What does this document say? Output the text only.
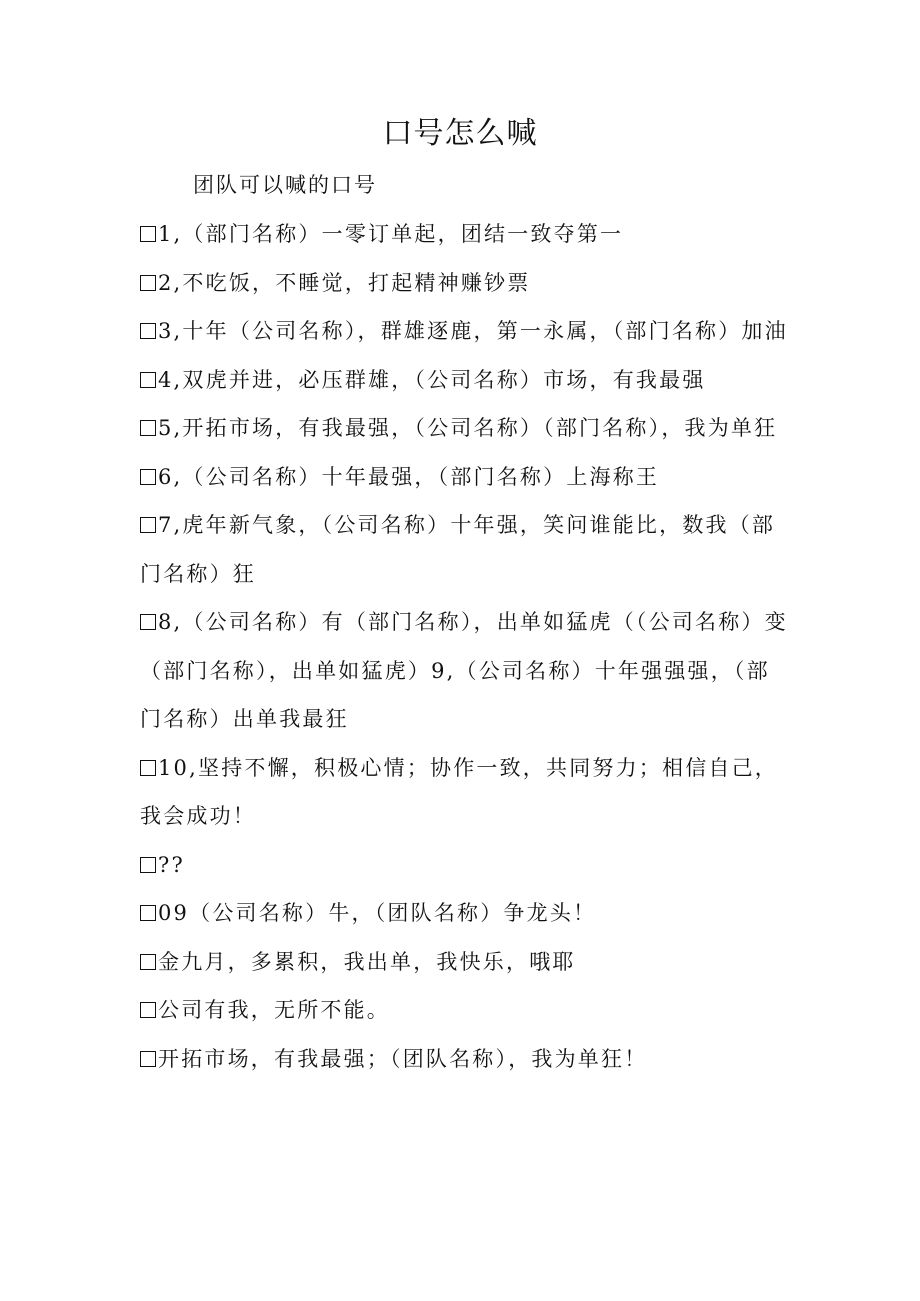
口号怎么喊
团队可以喊的口号
1,（部门名称）一零订单起，团结一致夺第一
2,不吃饭，不睡觉，打起精神赚钞票
3,十年（公司名称），群雄逐鹿，第一永属，（部门名称）加油
4,双虎并进，必压群雄，（公司名称）市场，有我最强
5,开拓市场，有我最强，（公司名称）（部门名称），我为单狂
6,（公司名称）十年最强，（部门名称）上海称王
7,虎年新气象，（公司名称）十年强，笑问谁能比，数我（部门名称）狂
8,（公司名称）有（部门名称），出单如猛虎（（公司名称）变（部门名称），出单如猛虎）9,（公司名称）十年强强强，（部门名称）出单我最狂
10,坚持不懈，积极心情；协作一致，共同努力；相信自己，我会成功！
??
09（公司名称）牛，（团队名称）争龙头！
金九月，多累积，我出单，我快乐，哦耶
公司有我，无所不能。
开拓市场，有我最强；（团队名称），我为单狂！
